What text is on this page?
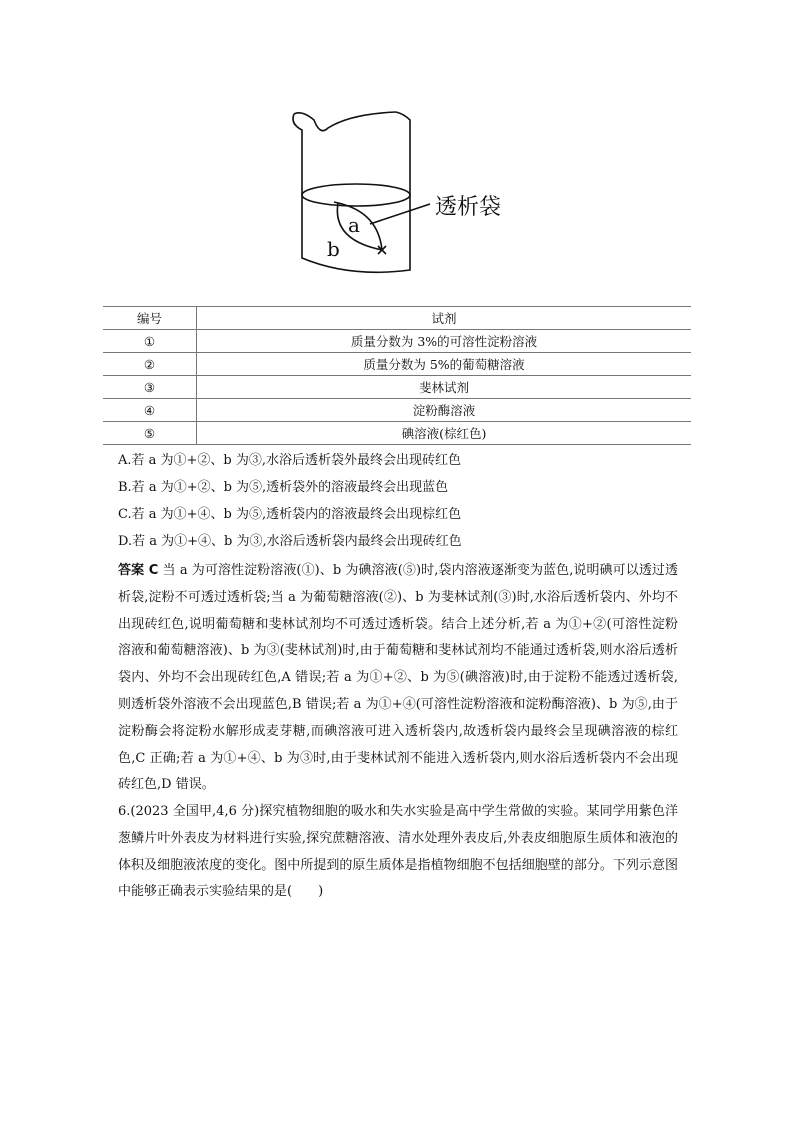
a
b
透析袋
编号	试剂
①	质量分数为 3%的可溶性淀粉溶液
②	质量分数为 5%的葡萄糖溶液
③	斐林试剂
④	淀粉酶溶液
⑤	碘溶液(棕红色)
A.若 a 为①+②、b 为③,水浴后透析袋外最终会出现砖红色
B.若 a 为①+②、b 为⑤,透析袋外的溶液最终会出现蓝色
C.若 a 为①+④、b 为⑤,透析袋内的溶液最终会出现棕红色
D.若 a 为①+④、b 为③,水浴后透析袋内最终会出现砖红色
答案 C 当 a 为可溶性淀粉溶液(①)、b 为碘溶液(⑤)时,袋内溶液逐渐变为蓝色,说明碘可以透过透析袋,淀粉不可透过透析袋;当 a 为葡萄糖溶液(②)、b 为斐林试剂(③)时,水浴后透析袋内、外均不出现砖红色,说明葡萄糖和斐林试剂均不可透过透析袋。结合上述分析,若 a 为①+②(可溶性淀粉溶液和葡萄糖溶液)、b 为③(斐林试剂)时,由于葡萄糖和斐林试剂均不能通过透析袋,则水浴后透析袋内、外均不会出现砖红色,A 错误;若 a 为①+②、b 为⑤(碘溶液)时,由于淀粉不能透过透析袋,则透析袋外溶液不会出现蓝色,B 错误;若 a 为①+④(可溶性淀粉溶液和淀粉酶溶液)、b 为⑤,由于淀粉酶会将淀粉水解形成麦芽糖,而碘溶液可进入透析袋内,故透析袋内最终会呈现碘溶液的棕红色,C 正确;若 a 为①+④、b 为③时,由于斐林试剂不能进入透析袋内,则水浴后透析袋内不会出现砖红色,D 错误。
6.(2023 全国甲,4,6 分)探究植物细胞的吸水和失水实验是高中学生常做的实验。某同学用紫色洋葱鳞片叶外表皮为材料进行实验,探究蔗糖溶液、清水处理外表皮后,外表皮细胞原生质体和液泡的体积及细胞液浓度的变化。图中所提到的原生质体是指植物细胞不包括细胞壁的部分。下列示意图中能够正确表示实验结果的是(　　)
